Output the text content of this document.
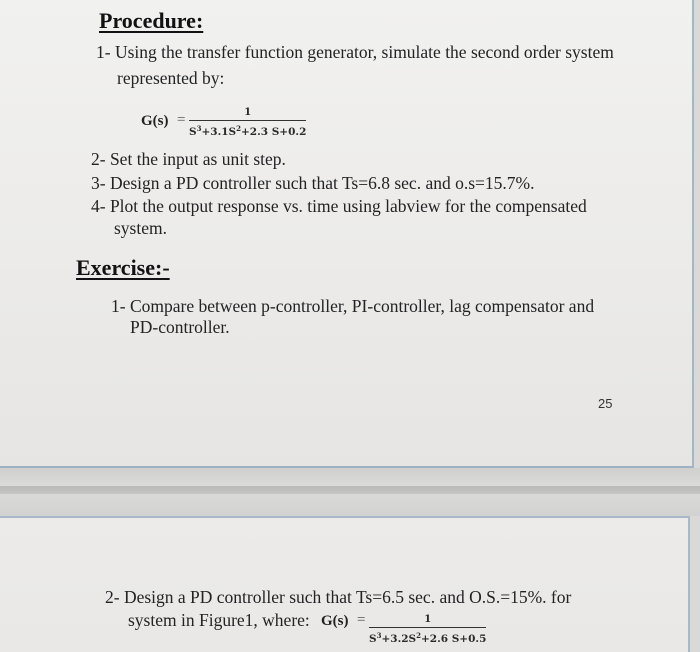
Procedure:
1- Using the transfer function generator, simulate the second order system
represented by:
G(s) =	1
$S^3+3.1S^2+2.3$ S+0.2
2- Set the input as unit step.
3- Design a PD controller such that Ts=6.8 sec. and o.s=15.7%.
4- Plot the output response vs. time using labview for the compensated
system.
Exercise:-
1- Compare between p-controller, PI-controller, lag compensator and
PD-controller.
25
2- Design a PD controller such that Ts=6.5 sec. and O.S.=15%. for
system in Figure1, where: G(s) =	1
$S^3+3.2S^2+2.6$ S+0.5
